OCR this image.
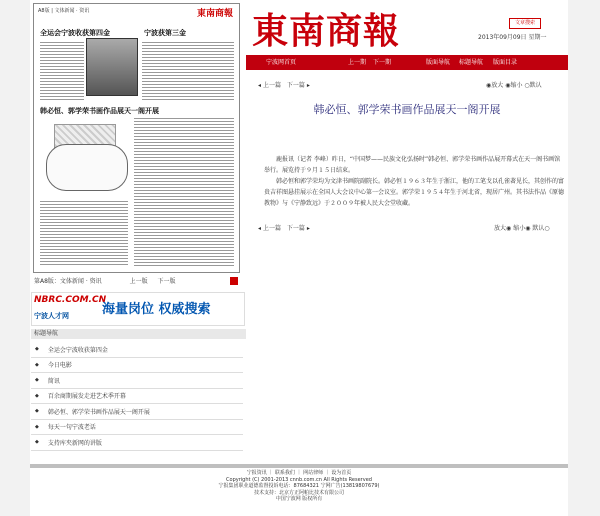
A8版 | 文体新闻 · 资讯	東南商報
全运会宁波收获第四金	宁波获第三金
韩必恒、郭学荣书画作品展天一阁开展
第A8版：文体新闻 · 资讯	上一版 下一版
NBRC.COM.CN
宁波人才网	海量岗位 权威搜索
标题导航
◆ 全运会宁波收获第四金
◆ 今日电影
◆ 简讯
◆ 百余商期展发走进艺术季开幕
◆ 韩必恒、郭学荣书画作品展天一阁开展
◆ 每天一句宁波老话
◆ 支持库夹新网的讲版
東南商報	文章搜索
2013年09月09日 星期一
宁波网首页	上一期 下一期	版面导航 标题导航 版面目录
◂ 上一篇 下一篇 ▸	◉放大 ◉缩小 ○默认
韩必恒、郭学荣书画作品展天一阁开展

鹿报讯（记者 李峰）昨日，“中国梦——民族文化弘扬时”韩必恒、郭学荣书画作品展开幕式在天一阁书画馆举行。展览持于９月１５日结束。

韩必恒和郭学荣均为文津书画院副院长。韩必恒１９６３年生于浙江，他的工笔戈以孔雀著见长，其创作的富贵吉祥图悬挂展示在全国人大会议中心第一会议室。郭学荣１９５４年生于河北省，现居广州。其书法作品《原德教物》与《宁静致远》于２００９年被人民大会堂收藏。

◂ 上一篇 下一篇 ▸	放大◉ 缩小◉ 默认○
宁报资讯 ｜ 联系我们 ｜ 网站律师 ｜ 设为首页
Copyright (C) 2001-2013 cnnb.com.cn All Rights Reserved
宁报集团职业道德监督投诉电话：87684321 宁网广告(13819807679)
技术支持：北京方正阿帕比技术有限公司
中国宁波网 版权所有
